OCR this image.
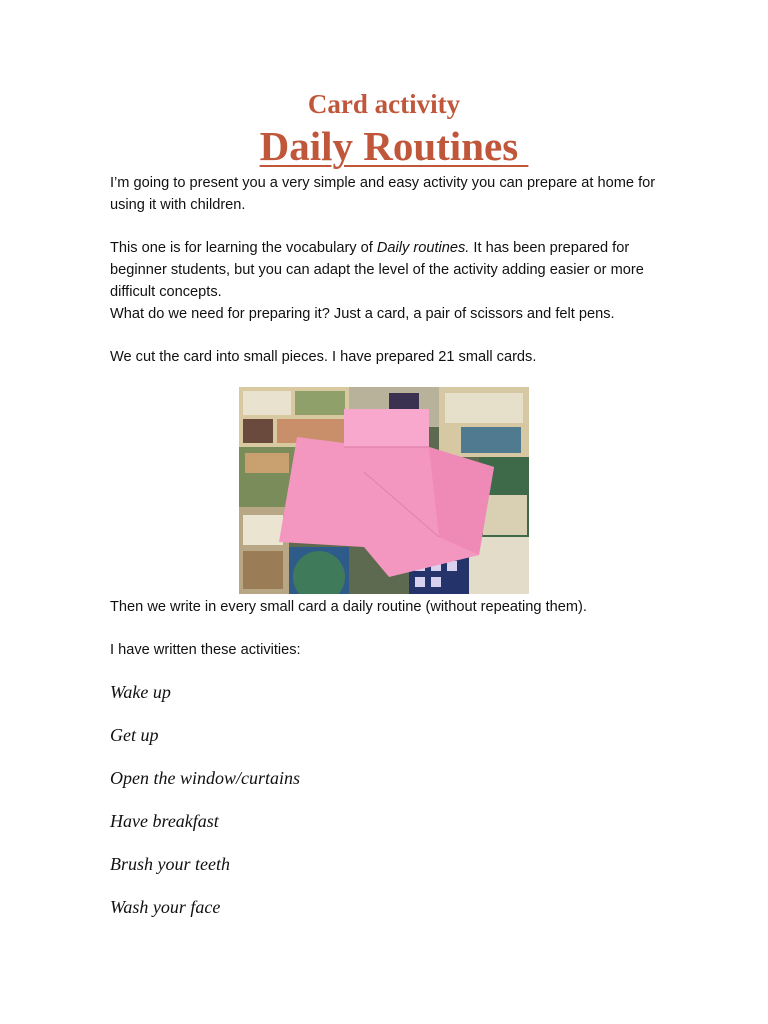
Card activity
Daily Routines

I’m going to present you a very simple and easy activity you can prepare at home for using it with children.

This one is for learning the vocabulary of Daily routines. It has been prepared for beginner students, but you can adapt the level of the activity adding easier or more difficult concepts.
What do we need for preparing it? Just a card, a pair of scissors and felt pens.

We cut the card into small pieces. I have prepared 21 small cards.

Then we write in every small card a daily routine (without repeating them).

I have written these activities:

Wake up
Get up
Open the window/curtains
Have breakfast
Brush your teeth
Wash your face
